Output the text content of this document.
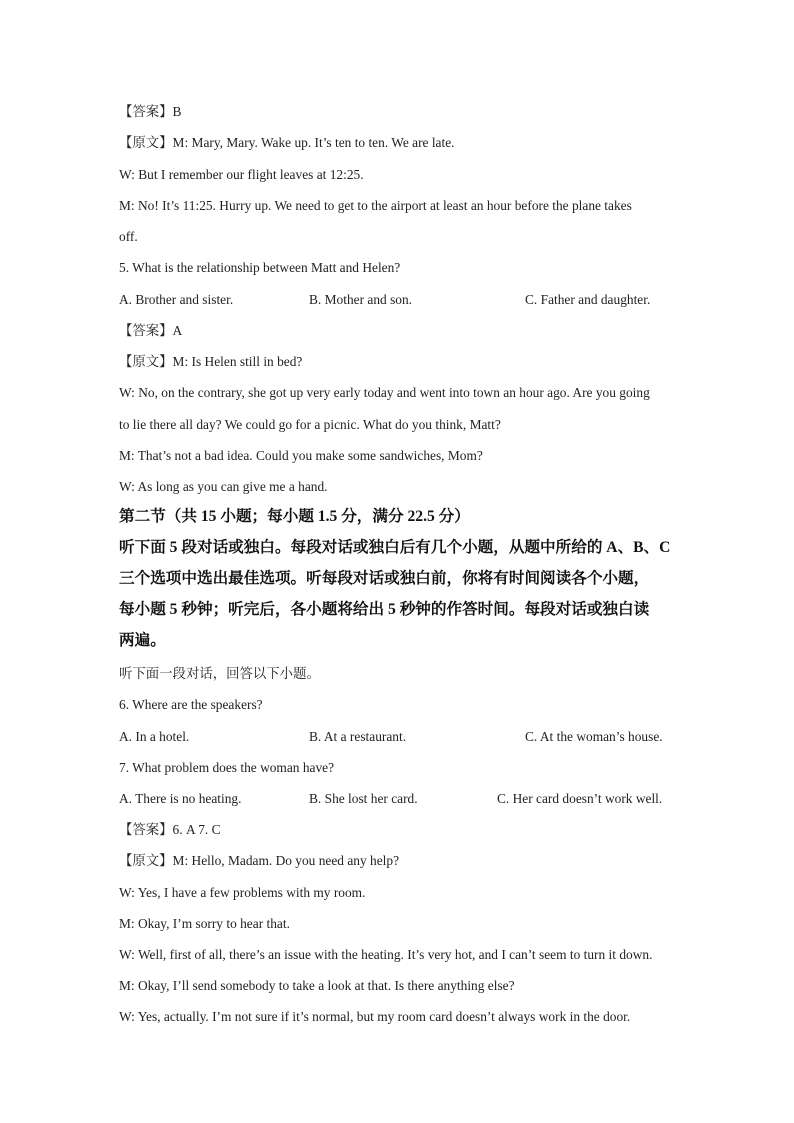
【答案】B
【原文】M: Mary, Mary. Wake up. It’s ten to ten. We are late.
W: But I remember our flight leaves at 12:25.
M: No! It’s 11:25. Hurry up. We need to get to the airport at least an hour before the plane takes
off.
5. What is the relationship between Matt and Helen?
A. Brother and sister.	B. Mother and son.	C. Father and daughter.
【答案】A
【原文】M: Is Helen still in bed?
W: No, on the contrary, she got up very early today and went into town an hour ago. Are you going
to lie there all day? We could go for a picnic. What do you think, Matt?
M: That’s not a bad idea. Could you make some sandwiches, Mom?
W: As long as you can give me a hand.
第二节（共 15 小题；每小题 1.5 分，满分 22.5 分）
听下面 5 段对话或独白。每段对话或独白后有几个小题，从题中所给的 A、B、C
三个选项中选出最佳选项。听每段对话或独白前，你将有时间阅读各个小题，
每小题 5 秒钟；听完后，各小题将给出 5 秒钟的作答时间。每段对话或独白读
两遍。
听下面一段对话，回答以下小题。
6. Where are the speakers?
A. In a hotel.	B. At a restaurant.	C. At the woman’s house.
7. What problem does the woman have?
A. There is no heating.	B. She lost her card.	C. Her card doesn’t work well.
【答案】6. A 7. C
【原文】M: Hello, Madam. Do you need any help?
W: Yes, I have a few problems with my room.
M: Okay, I’m sorry to hear that.
W: Well, first of all, there’s an issue with the heating. It’s very hot, and I can’t seem to turn it down.
M: Okay, I’ll send somebody to take a look at that. Is there anything else?
W: Yes, actually. I’m not sure if it’s normal, but my room card doesn’t always work in the door.
